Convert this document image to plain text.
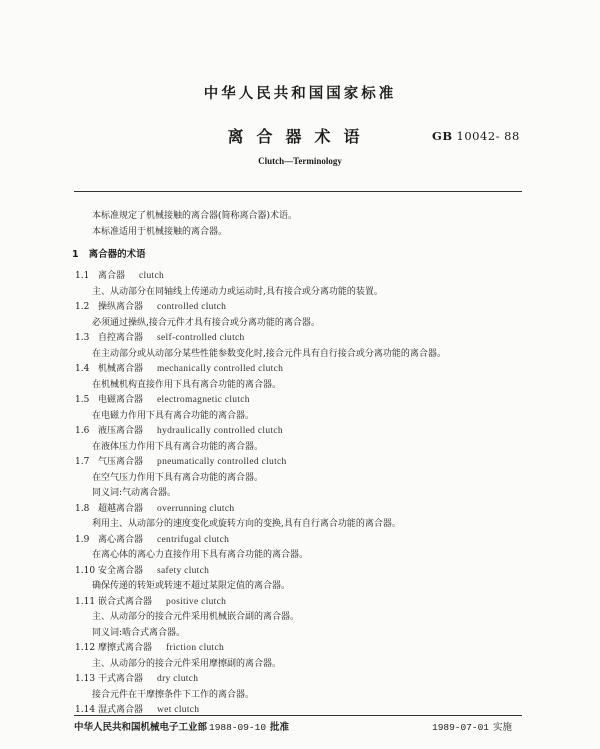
中华人民共和国国家标准
离合器术语	GB 10042- 88
Clutch—Terminology
本标准规定了机械接触的离合器(简称离合器)术语。
本标准适用于机械接触的离合器。
1 离合器的术语
1.1 离合器 clutch
主、从动部分在同轴线上传递动力或运动时,具有接合或分离功能的装置。
1.2 操纵离合器 controlled clutch
必须通过操纵,接合元件才具有接合或分离功能的离合器。
1.3 自控离合器 self-controlled clutch
在主动部分或从动部分某些性能参数变化时,接合元件具有自行接合或分离功能的离合器。
1.4 机械离合器 mechanically controlled clutch
在机械机构直接作用下具有离合功能的离合器。
1.5 电磁离合器 electromagnetic clutch
在电磁力作用下具有离合功能的离合器。
1.6 液压离合器 hydraulically controlled clutch
在液体压力作用下具有离合功能的离合器。
1.7 气压离合器 pneumatically controlled clutch
在空气压力作用下具有离合功能的离合器。
同义词:气动离合器。
1.8 超越离合器 overrunning clutch
利用主、从动部分的速度变化或旋转方向的变换,具有自行离合功能的离合器。
1.9 离心离合器 centrifugal clutch
在离心体的离心力直接作用下具有离合功能的离合器。
1.10 安全离合器 safety clutch
确保传递的转矩或转速不超过某限定值的离合器。
1.11 嵌合式离合器 positive clutch
主、从动部分的接合元件采用机械嵌合副的离合器。
同义词:啮合式离合器。
1.12 摩擦式离合器 friction clutch
主、从动部分的接合元件采用摩擦副的离合器。
1.13 干式离合器 dry clutch
接合元件在干摩擦条件下工作的离合器。
1.14 湿式离合器 wet clutch
中华人民共和国机械电子工业部 1988-09-10 批准	1989-07-01 实施
